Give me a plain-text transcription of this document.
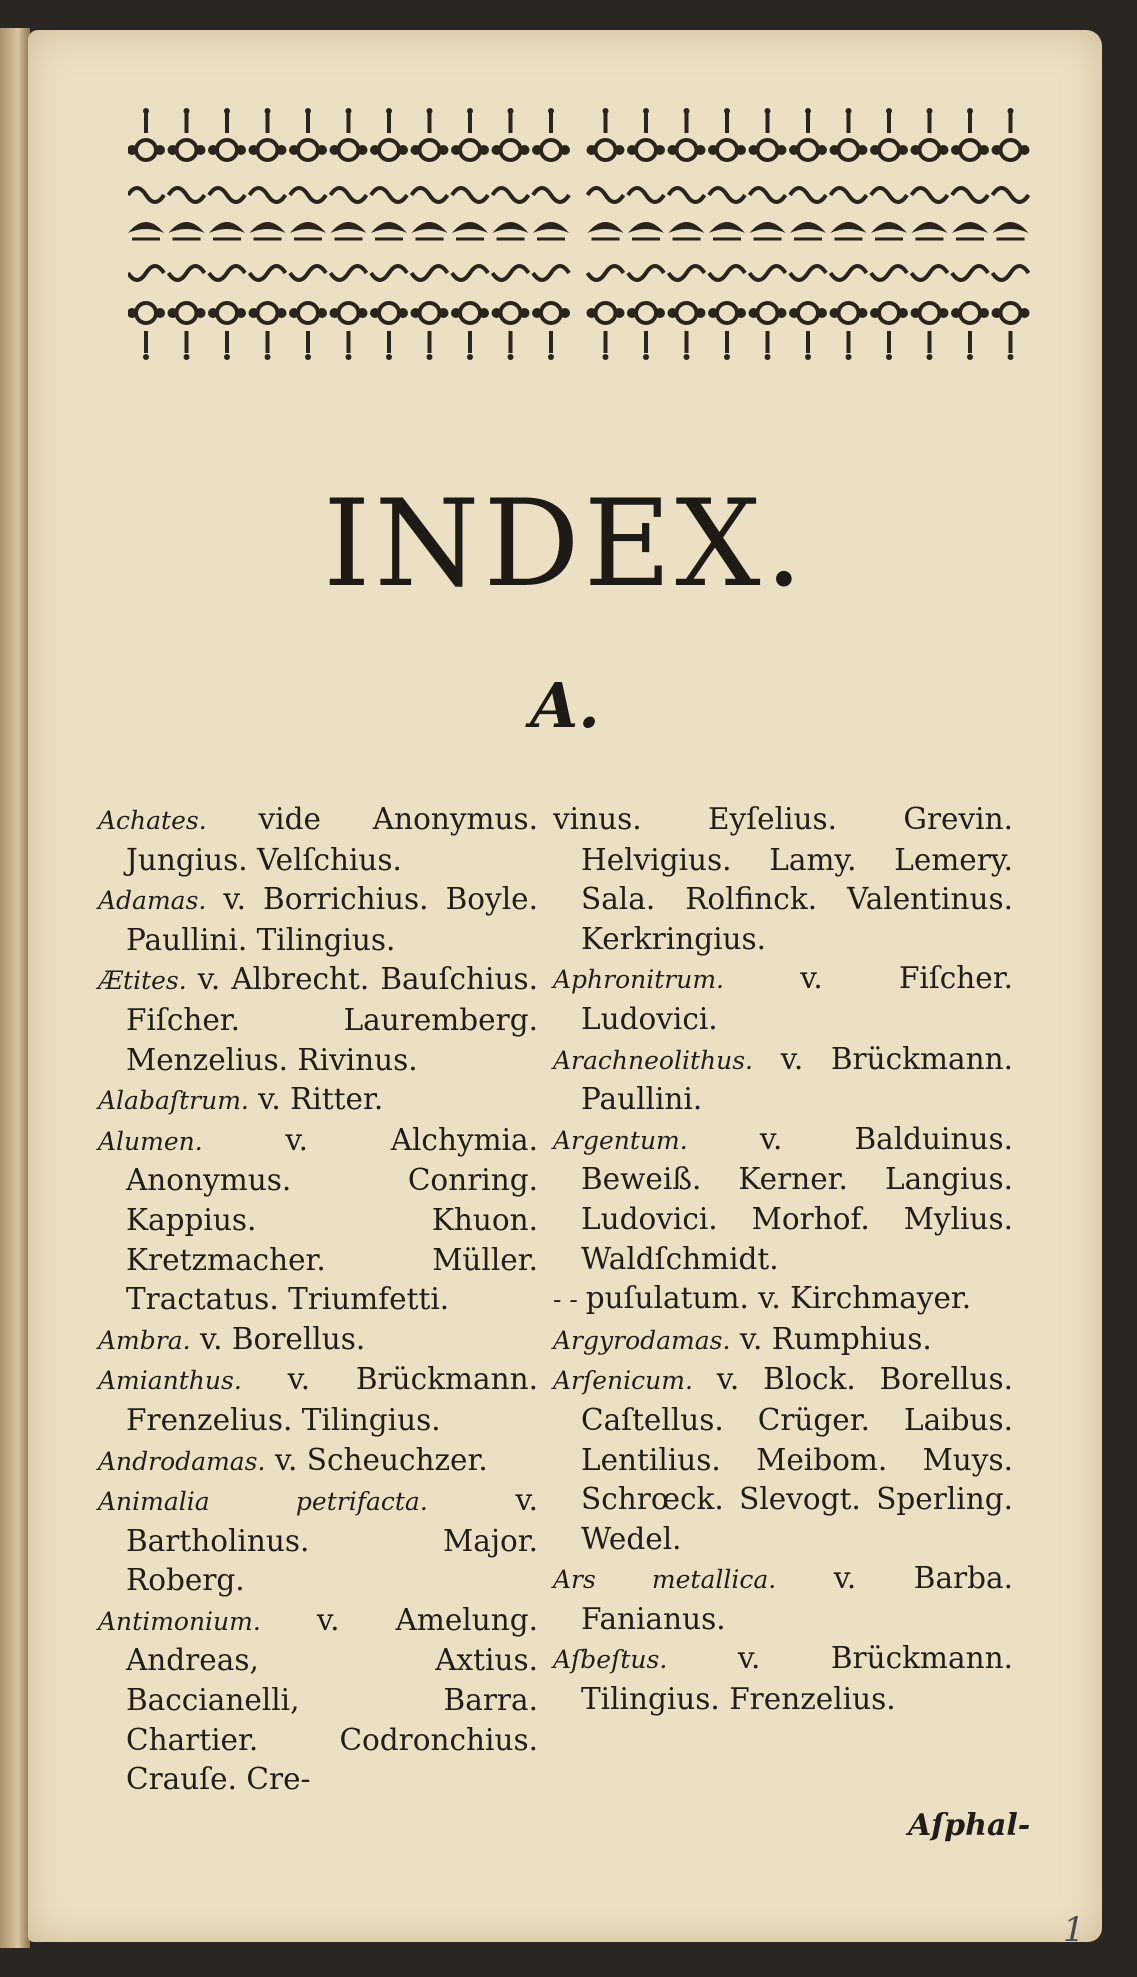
INDEX.
A.
Achates. vide Anonymus. Jungius. Velſchius.
Adamas. v. Borrichius. Boyle. Paullini. Tilingius.
Ætites. v. Albrecht. Bauſchius. Fiſcher. Lauremberg. Menzelius. Rivinus.
Alabaſtrum. v. Ritter.
Alumen. v. Alchymia. Anonymus. Conring. Kappius. Khuon. Kretzmacher. Müller. Tractatus. Triumfetti.
Ambra. v. Borellus.
Amianthus. v. Brückmann. Frenzelius. Tilingius.
Androdamas. v. Scheuchzer.
Animalia petrifacta. v. Bartholinus. Major. Roberg.
Antimonium. v. Amelung. Andreas, Axtius. Baccianelli, Barra. Chartier. Codronchius. Crauſe. Cre-
vinus. Eyſelius. Grevin. Helvigius. Lamy. Lemery. Sala. Rolfinck. Valentinus. Kerkringius.
Aphronitrum. v. Fiſcher. Ludovici.
Arachneolithus. v. Brückmann. Paullini.
Argentum. v. Balduinus. Beweiß. Kerner. Langius. Ludovici. Morhof. Mylius. Waldſchmidt.
- - puſulatum. v. Kirchmayer.
Argyrodamas. v. Rumphius.
Arſenicum. v. Block. Borellus. Caſtellus. Crüger. Laibus. Lentilius. Meibom. Muys. Schrœck. Slevogt. Sperling. Wedel.
Ars metallica. v. Barba. Fanianus.
Aſbeſtus. v. Brückmann. Tilingius. Frenzelius.
Aſphal-
1
